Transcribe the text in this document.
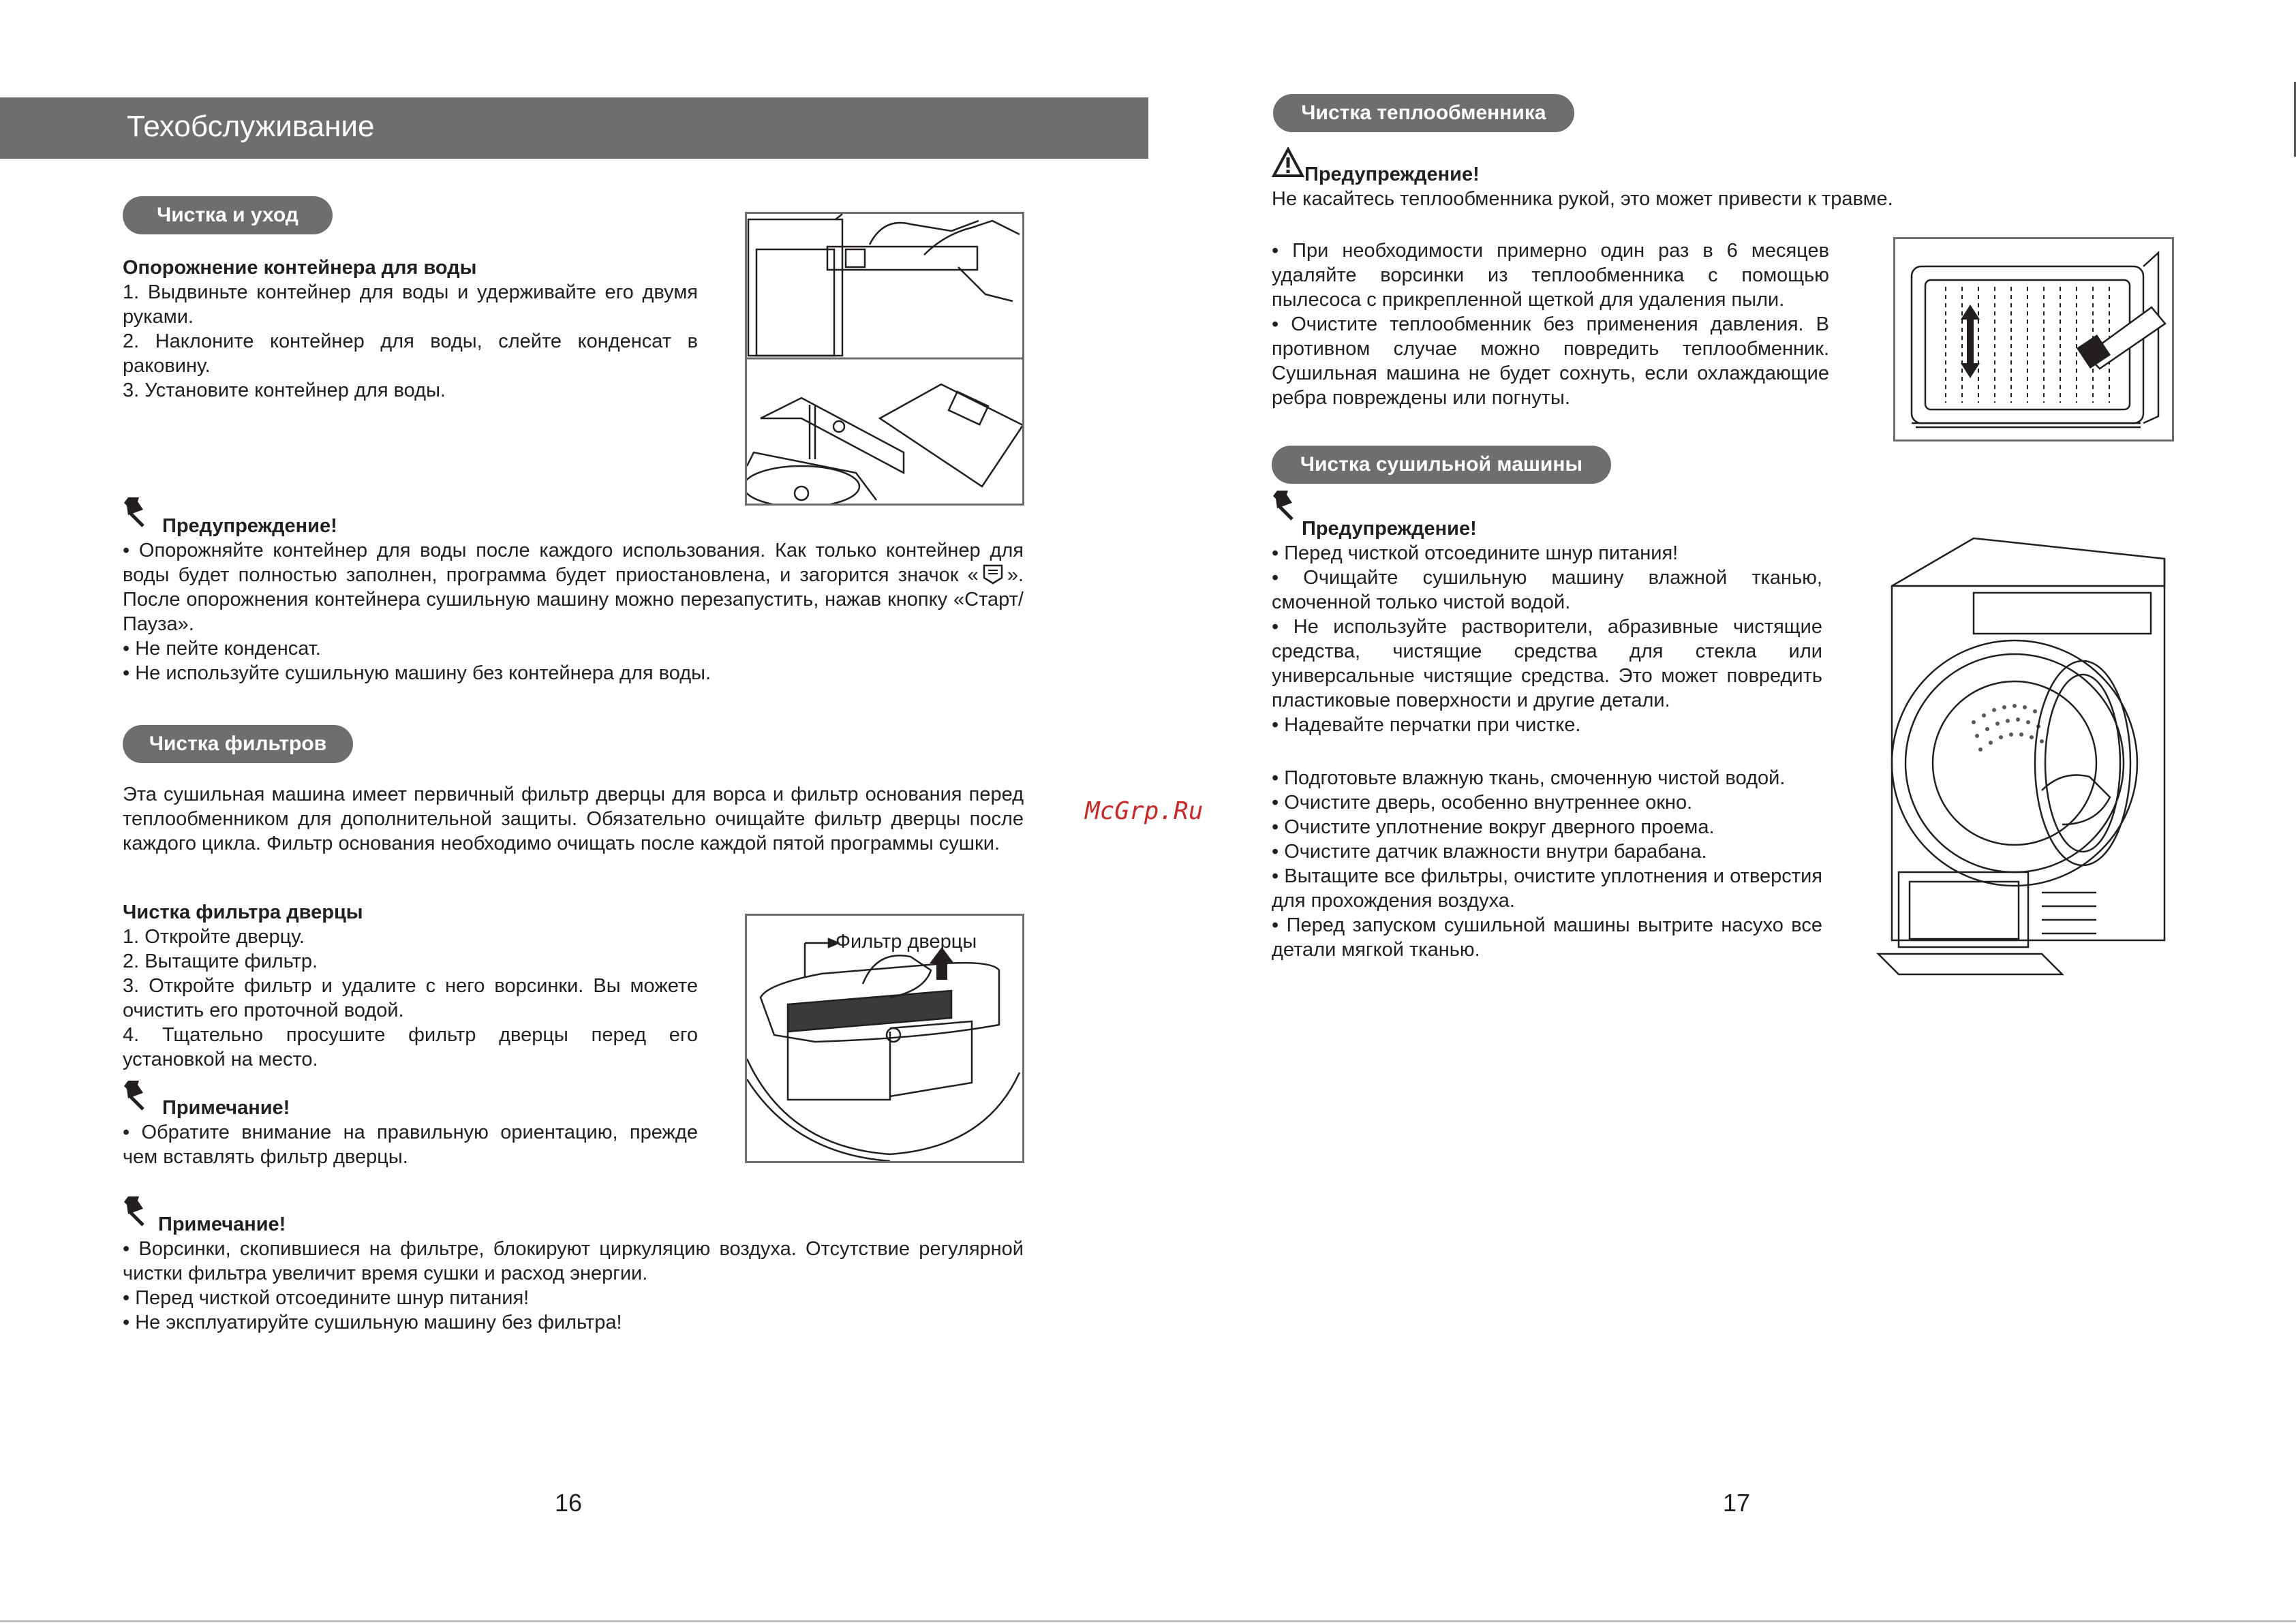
Техобслуживание
Чистка и уход

Опорожнение контейнера для воды

1. Выдвиньте контейнер для воды и удерживайте его двумя руками.

2. Наклоните контейнер для воды, слейте конденсат в раковину.

3. Установите контейнер для воды.

Предупреждение!

• Опорожняйте контейнер для воды после каждого использования. Как только контейнер для воды будет полностью заполнен, программа будет приостановлена, и загорится значок « ». После опорожнения контейнера сушильную машину можно перезапустить, нажав кнопку «Старт/Пауза».

• Не пейте конденсат.

• Не используйте сушильную машину без контейнера для воды.

Чистка фильтров
Эта сушильная машина имеет первичный фильтр дверцы для ворса и фильтр основания перед теплообменником для дополнительной защиты. Обязательно очищайте фильтр дверцы после каждого цикла. Фильтр основания необходимо очищать после каждой пятой программы сушки.

Чистка фильтра дверцы

1. Откройте дверцу.

2. Вытащите фильтр.

3. Откройте фильтр и удалите с него ворсинки. Вы можете очистить его проточной водой.

4. Тщательно просушите фильтр дверцы перед его установкой на место.

Фильтр дверцы
Примечание!
• Обратите внимание на правильную ориентацию, прежде чем вставлять фильтр дверцы.
Примечание!

• Ворсинки, скопившиеся на фильтре, блокируют циркуляцию воздуха. Отсутствие регулярной чистки фильтра увеличит время сушки и расход энергии.

• Перед чисткой отсоедините шнур питания!

• Не эксплуатируйте сушильную машину без фильтра!

16
McGrp.Ru
Чистка теплообменника
Предупреждение!
Не касайтесь теплообменника рукой, это может привести к травме.

• При необходимости примерно один раз в 6 месяцев удаляйте ворсинки из теплообменника с помощью пылесоса с прикрепленной щеткой для удаления пыли.

• Очистите теплообменник без применения давления. В противном случае можно повредить теплообменник. Сушильная машина не будет сохнуть, если охлаждающие ребра повреждены или погнуты.

Чистка сушильной машины
Предупреждение!

• Перед чисткой отсоедините шнур питания!

• Очищайте сушильную машину влажной тканью, смоченной только чистой водой.

• Не используйте растворители, абразивные чистящие средства, чистящие средства для стекла или универсальные чистящие средства. Это может повредить пластиковые поверхности и другие детали.

• Надевайте перчатки при чистке.

• Подготовьте влажную ткань, смоченную чистой водой.

• Очистите дверь, особенно внутреннее окно.

• Очистите уплотнение вокруг дверного проема.

• Очистите датчик влажности внутри барабана.

• Вытащите все фильтры, очистите уплотнения и отверстия для прохождения воздуха.

• Перед запуском сушильной машины вытрите насухо все детали мягкой тканью.

17
